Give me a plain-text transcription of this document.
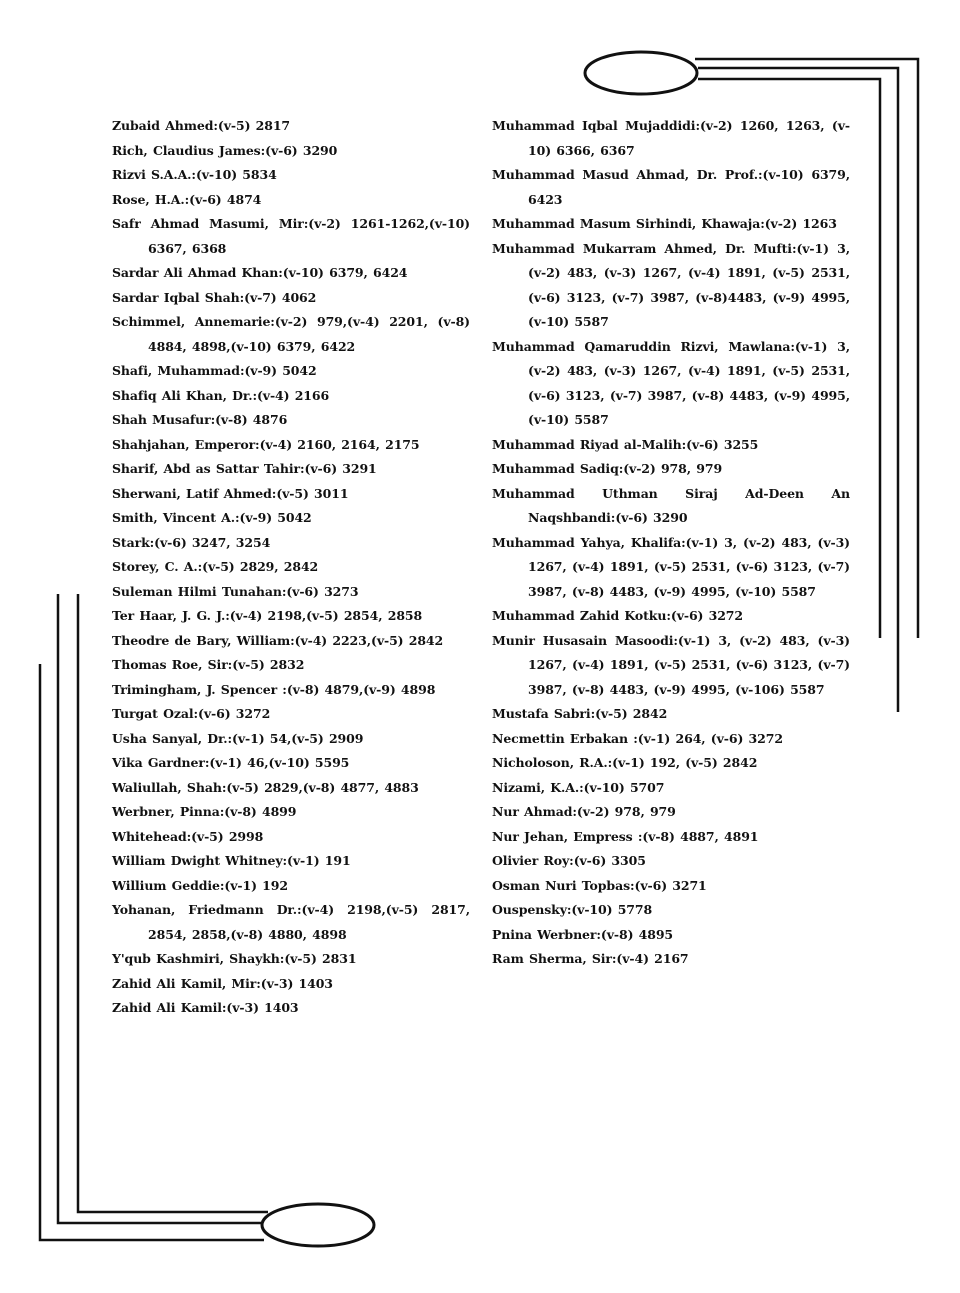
Zubaid Ahmed:(v-5) 2817
Rich, Claudius James:(v-6) 3290
Rizvi S.A.A.:(v-10) 5834
Rose, H.A.:(v-6) 4874
Safr Ahmad Masumi, Mir:(v-2) 1261-1262,(v-10) 6367, 6368
Sardar Ali Ahmad Khan:(v-10) 6379, 6424
Sardar Iqbal Shah:(v-7) 4062
Schimmel, Annemarie:(v-2) 979,(v-4) 2201, (v-8) 4884, 4898,(v-10) 6379, 6422
Shafi, Muhammad:(v-9) 5042
Shafiq Ali Khan, Dr.:(v-4) 2166
Shah Musafur:(v-8) 4876
Shahjahan, Emperor:(v-4) 2160, 2164, 2175
Sharif, Abd as Sattar Tahir:(v-6) 3291
Sherwani, Latif Ahmed:(v-5) 3011
Smith, Vincent A.:(v-9) 5042
Stark:(v-6) 3247, 3254
Storey, C. A.:(v-5) 2829, 2842
Suleman Hilmi Tunahan:(v-6) 3273
Ter Haar, J. G. J.:(v-4) 2198,(v-5) 2854, 2858
Theodre de Bary, William:(v-4) 2223,(v-5) 2842
Thomas Roe, Sir:(v-5) 2832
Trimingham, J. Spencer :(v-8) 4879,(v-9) 4898
Turgat Ozal:(v-6) 3272
Usha Sanyal, Dr.:(v-1) 54,(v-5) 2909
Vika Gardner:(v-1) 46,(v-10) 5595
Waliullah, Shah:(v-5) 2829,(v-8) 4877, 4883
Werbner, Pinna:(v-8) 4899
Whitehead:(v-5) 2998
William Dwight Whitney:(v-1) 191
Willium Geddie:(v-1) 192
Yohanan, Friedmann Dr.:(v-4) 2198,(v-5) 2817, 2854, 2858,(v-8) 4880, 4898
Y'qub Kashmiri, Shaykh:(v-5) 2831
Zahid Ali Kamil, Mir:(v-3) 1403
Zahid Ali Kamil:(v-3) 1403
Muhammad Iqbal Mujaddidi:(v-2) 1260, 1263, (v-10) 6366, 6367
Muhammad Masud Ahmad, Dr. Prof.:(v-10) 6379, 6423
Muhammad Masum Sirhindi, Khawaja:(v-2) 1263
Muhammad Mukarram Ahmed, Dr. Mufti:(v-1) 3, (v-2) 483, (v-3) 1267, (v-4) 1891, (v-5) 2531, (v-6) 3123, (v-7) 3987, (v-8)4483, (v-9) 4995, (v-10) 5587
Muhammad Qamaruddin Rizvi, Mawlana:(v-1) 3, (v-2) 483, (v-3) 1267, (v-4) 1891, (v-5) 2531, (v-6) 3123, (v-7) 3987, (v-8) 4483, (v-9) 4995, (v-10) 5587
Muhammad Riyad al-Malih:(v-6) 3255
Muhammad Sadiq:(v-2) 978, 979
Muhammad Uthman Siraj Ad-Deen An Naqshbandi:(v-6) 3290
Muhammad Yahya, Khalifa:(v-1) 3, (v-2) 483, (v-3) 1267, (v-4) 1891, (v-5) 2531, (v-6) 3123, (v-7) 3987, (v-8) 4483, (v-9) 4995, (v-10) 5587
Muhammad Zahid Kotku:(v-6) 3272
Munir Husasain Masoodi:(v-1) 3, (v-2) 483, (v-3) 1267, (v-4) 1891, (v-5) 2531, (v-6) 3123, (v-7) 3987, (v-8) 4483, (v-9) 4995, (v-106) 5587
Mustafa Sabri:(v-5) 2842
Necmettin Erbakan :(v-1) 264, (v-6) 3272
Nicholoson, R.A.:(v-1) 192, (v-5) 2842
Nizami, K.A.:(v-10) 5707
Nur Ahmad:(v-2) 978, 979
Nur Jehan, Empress :(v-8) 4887, 4891
Olivier Roy:(v-6) 3305
Osman Nuri Topbas:(v-6) 3271
Ouspensky:(v-10) 5778
Pnina Werbner:(v-8) 4895
Ram Sherma, Sir:(v-4) 2167
